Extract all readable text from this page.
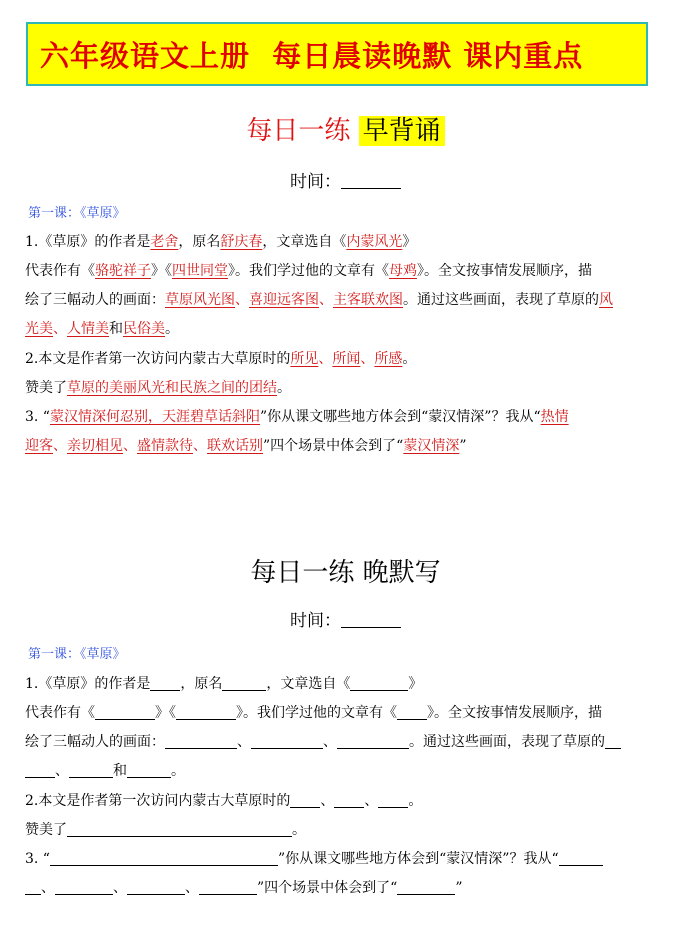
六年级语文上册  每日晨读晚默 课内重点
每日一练 早背诵
时间：
第一课：《草原》
1.《草原》的作者是老舍，原名舒庆春，文章选自《内蒙风光》
代表作有《骆驼祥子》《四世同堂》。我们学过他的文章有《母鸡》。全文按事情发展顺序，描
绘了三幅动人的画面：草原风光图、喜迎远客图、主客联欢图。通过这些画面，表现了草原的风
光美、人情美和民俗美。
2.本文是作者第一次访问内蒙古大草原时的所见、所闻、所感。
赞美了草原的美丽风光和民族之间的团结。
3. “蒙汉情深何忍别，天涯碧草话斜阳”你从课文哪些地方体会到“蒙汉情深”？我从“热情
迎客、亲切相见、盛情款待、联欢话别”四个场景中体会到了“蒙汉情深”
每日一练 晚默写
时间：
第一课：《草原》
1.《草原》的作者是 ，原名	，文章选自《	》
代表作有《	》《	》。我们学过他的文章有《 》。全文按事情发展顺序，描
绘了三幅动人的画面：	、	、	。通过这些画面，表现了草原的
、	和	。
2.本文是作者第一次访问内蒙古大草原时的 、 、 。
赞美了	。
3. “	”你从课文哪些地方体会到“蒙汉情深”？我从“
、	、	、	”四个场景中体会到了“	”
